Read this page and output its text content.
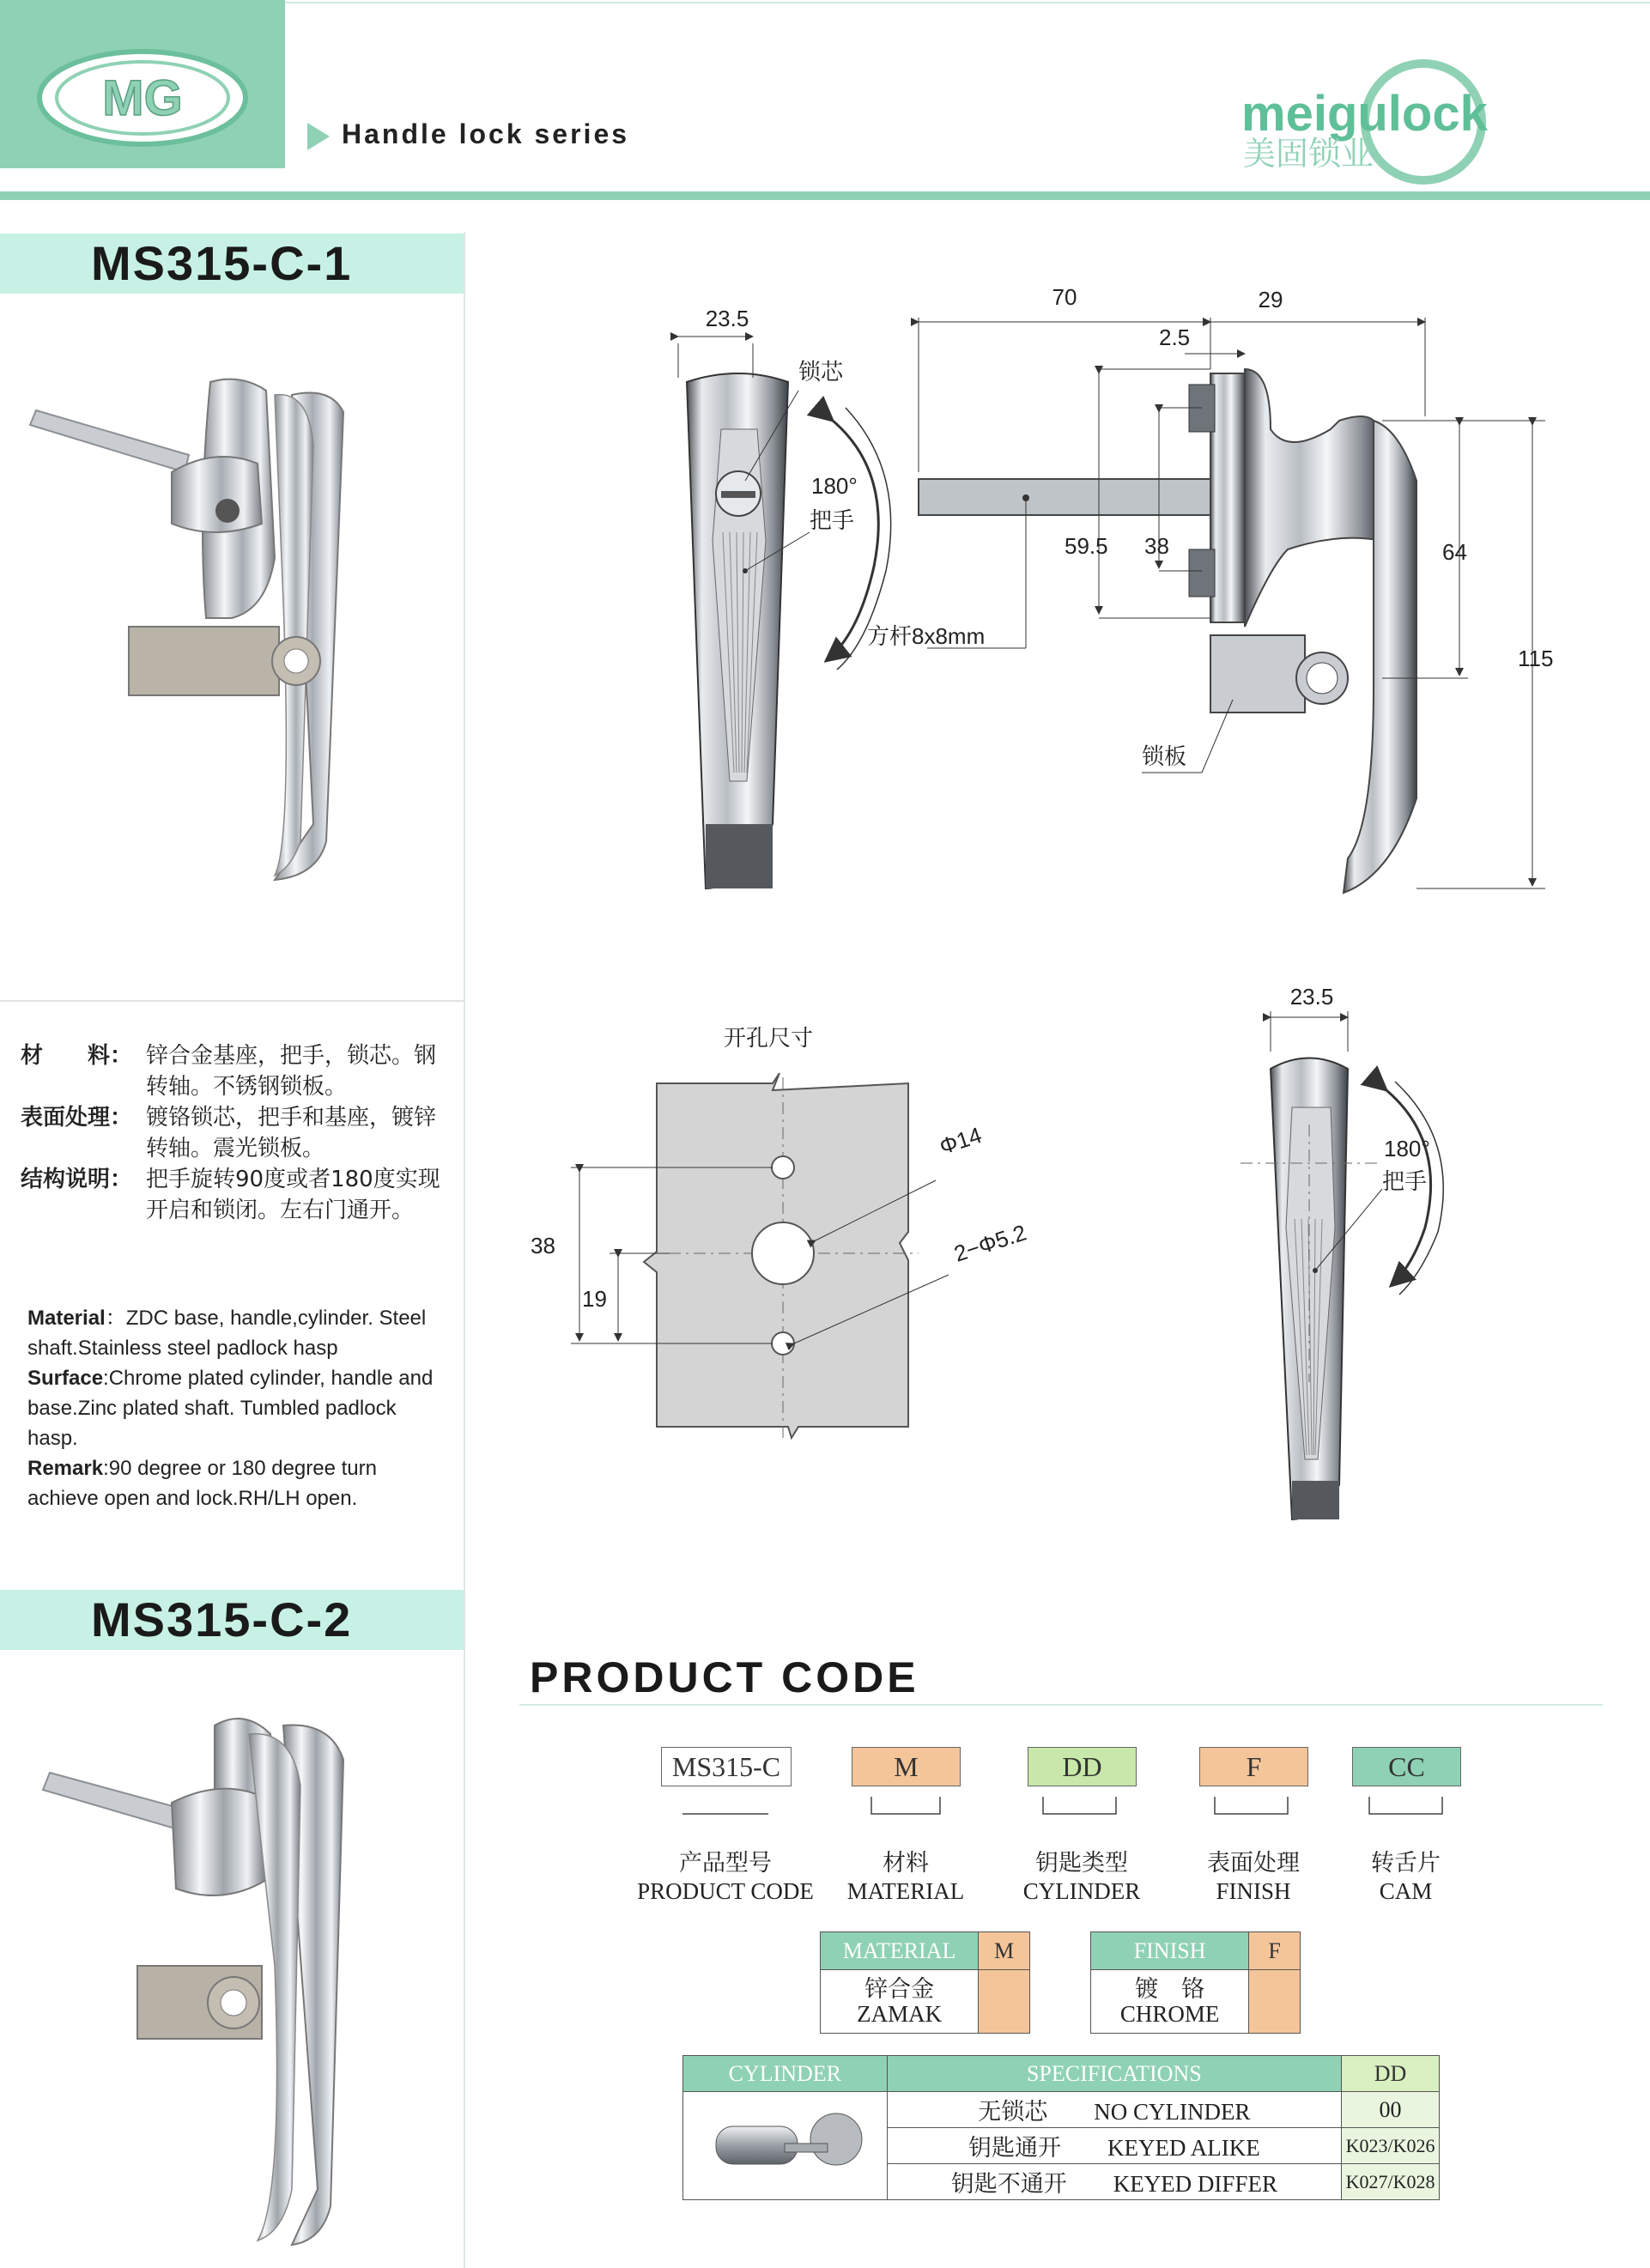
MG
Handle lock series	meigulock
美固锁业
MS315-C-1
材　　料： 锌合金基座，把手，锁芯。钢转轴。不锈钢锁板。
表面处理： 镀铬锁芯，把手和基座，镀锌转轴。震光锁板。
结构说明： 把手旋转90度或者180度实现开启和锁闭。左右门通开。
Material：ZDC base, handle,cylinder. Steel shaft.Stainless steel padlock hasp
Surface:Chrome plated cylinder, handle and base.Zinc plated shaft. Tumbled padlock hasp.
Remark:90 degree or 180 degree turn achieve open and lock.RH/LH open.
MS315-C-2
23.5
锁芯
180°
把手
方杆8x8mm
锁板
70	29
2.5
59.5 38	64
115
开孔尺寸
38
19
Φ14
2−Φ5.2
23.5
180°
把手
PRODUCT CODE
MS315-C	M	DD	F	CC
产品型号
PRODUCT CODE
材料
MATERIAL
钥匙类型
CYLINDER
表面处理
FINISH
转舌片
CAM
MATERIAL	M

锌合金
ZAMAK	

FINISH	F

镀　铬
CHROME	

CYLINDER	SPECIFICATIONS	DD
	无锁芯　　 NO CYLINDER	00
	钥匙通开　　 KEYED ALIKE	K023/K026
	钥匙不通开　　 KEYED DIFFER	K027/K028
